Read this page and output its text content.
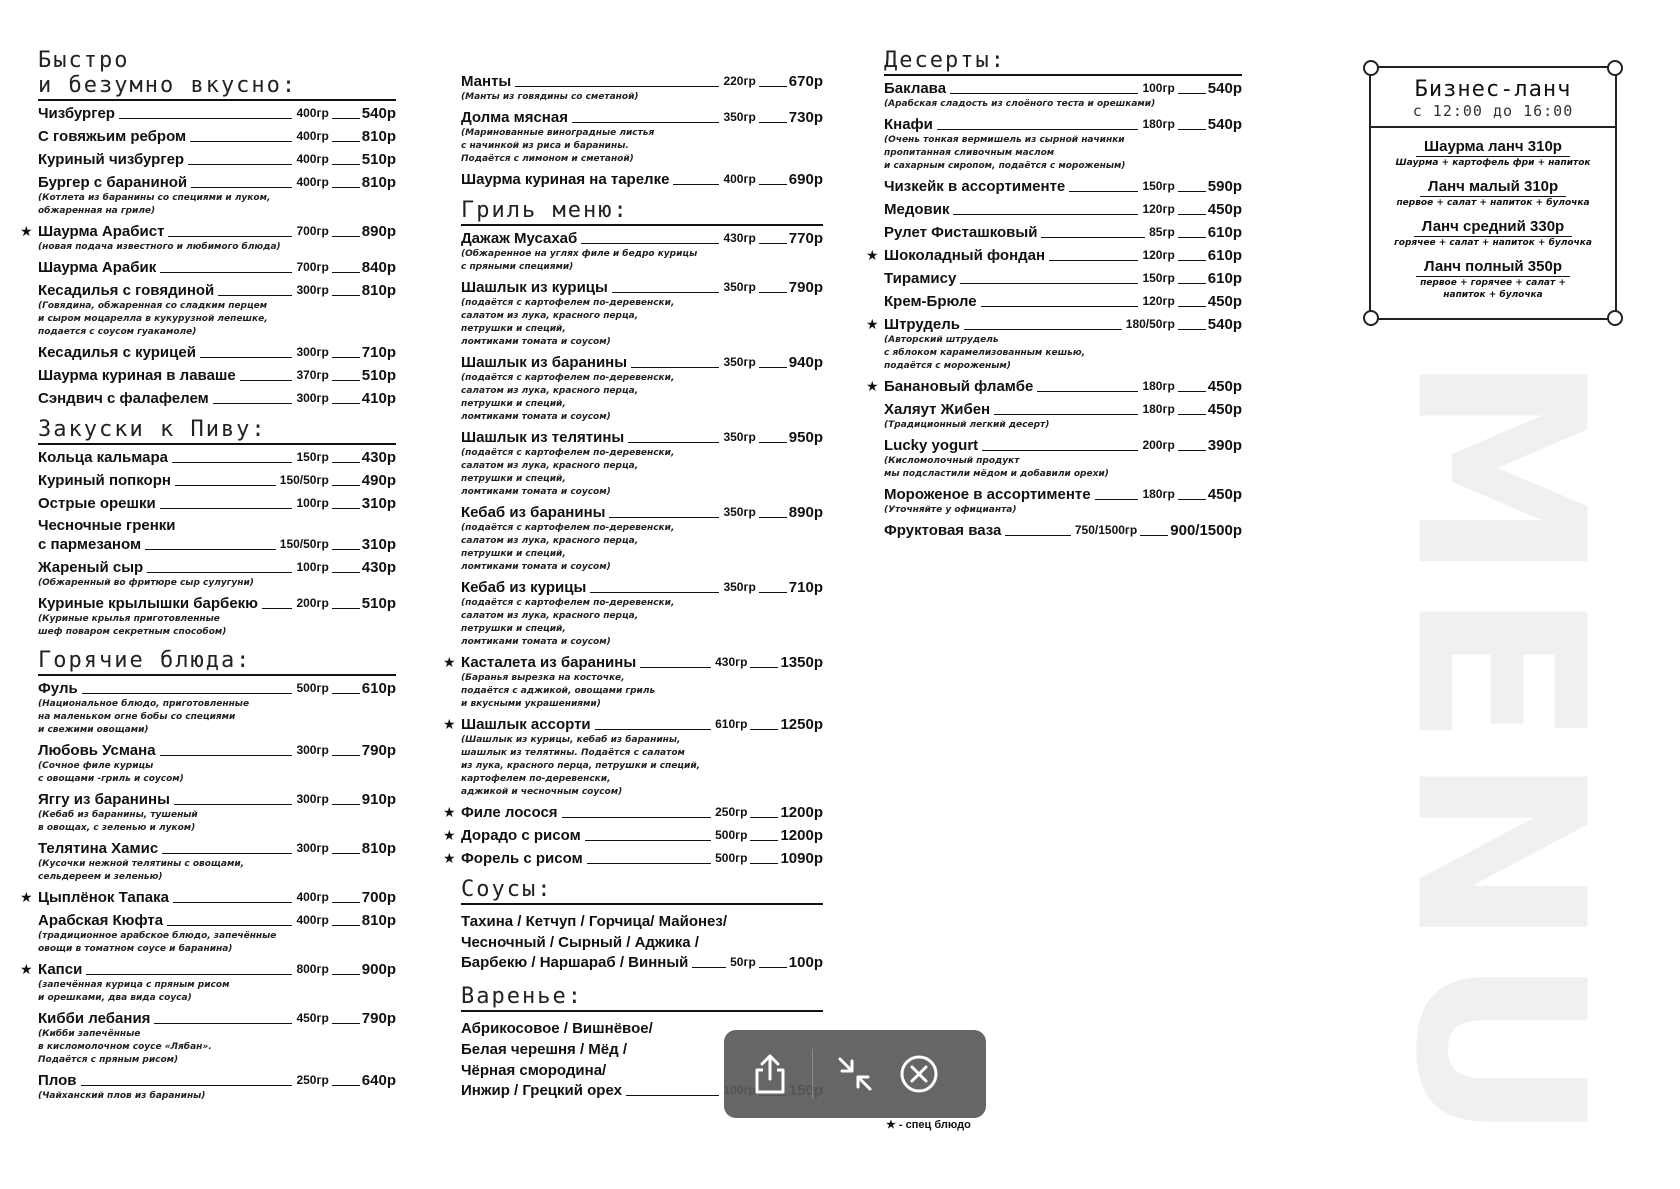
Быстро
и безумно вкусно:
Чизбургер	400гр 540р
С говяжьим ребром	400гр 810р
Куриный чизбургер	400гр 510р
Бургер с бараниной	400гр 810р
(Котлета из баранины со специями и луком,
обжаренная на гриле)
★ Шаурма Арабист	700гр 890р
(новая подача известного и любимого блюда)
Шаурма Арабик	700гр 840р
Кесадилья с говядиной	300гр 810р
(Говядина, обжаренная со сладким перцем
и сыром моцарелла в кукурузной лепешке,
подается с соусом гуакамоле)
Кесадилья с курицей	300гр 710р
Шаурма куриная в лаваше	370гр 510р
Сэндвич с фалафелем	300гр 410р
Закуски к Пиву:
Кольца кальмара	150гр 430р
Куриный попкорн	150/50гр 490р
Острые орешки	100гр 310р
Чесночные гренки
с пармезаном	150/50гр 310р
Жареный сыр	100гр 430р
(Обжаренный во фритюре сыр сулугуни)
Куриные крылышки барбекю	200гр 510р
(Куриные крылья приготовленные
шеф поваром секретным способом)
Горячие блюда:
Фуль	500гр 610р
(Национальное блюдо, приготовленные
на маленьком огне бобы со специями
и свежими овощами)
Любовь Усмана	300гр 790р
(Сочное филе курицы
с овощами -гриль и соусом)
Яггу из баранины	300гр 910р
(Кебаб из баранины, тушеный
в овощах, с зеленью и луком)
Телятина Хамис	300гр 810р
(Кусочки нежной телятины с овощами,
сельдереем и зеленью)
★ Цыплёнок Тапака	400гр 700р
Арабская Кюфта	400гр 810р
(традиционное арабское блюдо, запечённые
овощи в томатном соусе и баранина)
★ Капси	800гр 900р
(запечённая курица с пряным рисом
и орешками, два вида соуса)
Кибби лебания	450гр 790р
(Кибби запечённые
в кисломолочном соусе «Лябан».
Подаётся с пряным рисом)
Плов	250гр 640р
(Чайханский плов из баранины)
Манты	220гр 670р
(Манты из говядины со сметаной)
Долма мясная	350гр 730р
(Маринованные виноградные листья
с начинкой из риса и баранины.
Подаётся с лимоном и сметаной)
Шаурма куриная на тарелке	400гр 690р
Гриль меню:
Дажаж Мусахаб	430гр 770р
(Обжаренное на углях филе и бедро курицы
с пряными специями)
Шашлык из курицы	350гр 790р
(подаётся с картофелем по-деревенски,
салатом из лука, красного перца,
петрушки и специй,
ломтиками томата и соусом)
Шашлык из баранины	350гр 940р
(подаётся с картофелем по-деревенски,
салатом из лука, красного перца,
петрушки и специй,
ломтиками томата и соусом)
Шашлык из телятины	350гр 950р
(подаётся с картофелем по-деревенски,
салатом из лука, красного перца,
петрушки и специй,
ломтиками томата и соусом)
Кебаб из баранины	350гр 890р
(подаётся с картофелем по-деревенски,
салатом из лука, красного перца,
петрушки и специй,
ломтиками томата и соусом)
Кебаб из курицы	350гр 710р
(подаётся с картофелем по-деревенски,
салатом из лука, красного перца,
петрушки и специй,
ломтиками томата и соусом)
★ Касталета из баранины	430гр 1350р
(Баранья вырезка на косточке,
подаётся с аджикой, овощами гриль
и вкусными украшениями)
★ Шашлык ассорти	610гр 1250р
(Шашлык из курицы, кебаб из баранины,
шашлык из телятины. Подаётся с салатом
из лука, красного перца, петрушки и специй,
картофелем по-деревенски,
аджикой и чесночным соусом)
★ Филе лосося	250гр 1200р
★ Дорадо с рисом	500гр 1200р
★ Форель с рисом	500гр 1090р
Соусы:
Тахина / Кетчуп / Горчица/ Майонез/
Чесночный / Сырный / Аджика /
Барбекю / Наршараб / Винный	50гр 100р
Варенье:
Абрикосовое / Вишнёвое/
Белая черешня / Мёд /
Чёрная смородина/
Инжир / Грецкий орех
Десерты:
Баклава	100гр 540р
(Арабская сладость из слоёного теста и орешками)
Кнафи	180гр 540р
(Очень тонкая вермишель из сырной начинки
пропитанная сливочным маслом
и сахарным сиропом, подаётся с мороженым)
Чизкейк в ассортименте	150гр 590р
Медовик	120гр 450р
Рулет Фисташковый	85гр 610р
★ Шоколадный фондан	120гр 610р
Тирамису	150гр 610р
Крем-Брюле	120гр 450р
★ Штрудель	180/50гр 540р
(Авторский штрудель
с яблоком карамелизованным кешью,
подаётся с мороженым)
★ Банановый фламбе	180гр 450р
Халяут Жибен	180гр 450р
(Традиционный легкий десерт)
Lucky yogurt	200гр 390р
(Кисломолочный продукт
мы подсластили мёдом и добавили орехи)
Мороженое в ассортименте	180гр 450р
(Уточняйте у официанта)
Фруктовая ваза	750/1500гр 900/1500р
★ - спец блюдо
Бизнес-ланч
с 12:00 до 16:00
Шаурма ланч 310р
Шаурма + картофель фри + напиток
Ланч малый 310р
первое + салат + напиток + булочка
Ланч средний 330р
горячее + салат + напиток + булочка
Ланч полный 350р
первое + горячее + салат +
напиток + булочка
MENU
